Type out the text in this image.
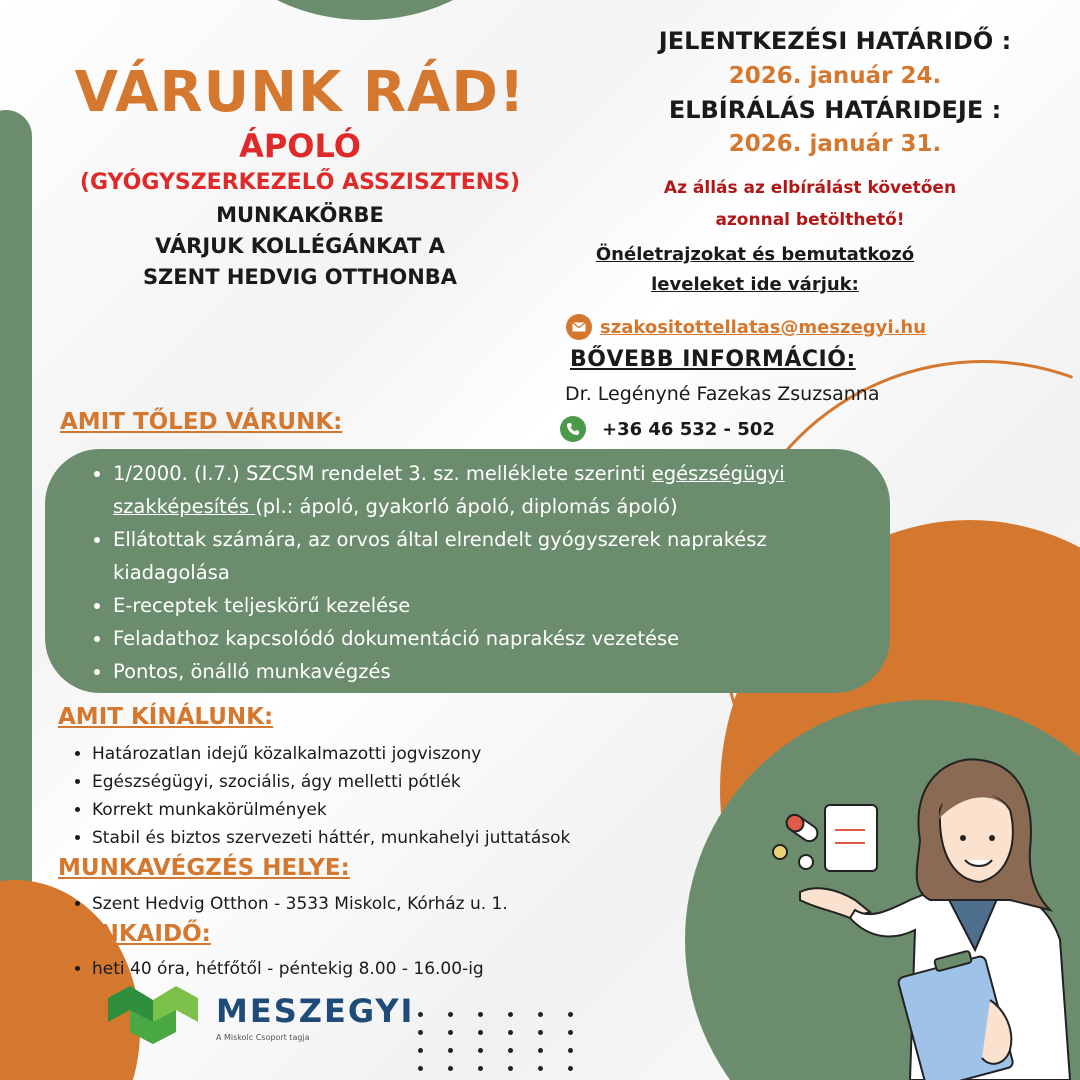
VÁRUNK RÁD!
ÁPOLÓ
(GYÓGYSZERKEZELŐ ASSZISZTENS)
MUNKAKÖRBE
VÁRJUK KOLLÉGÁNKAT A
SZENT HEDVIG OTTHONBA
JELENTKEZÉSI HATÁRIDŐ :
2026. január 24.
ELBÍRÁLÁS HATÁRIDEJE :
2026. január 31.
Az állás az elbírálást követően
azonnal betölthető!
Önéletrajzokat és bemutatkozó
leveleket ide várjuk:
szakositottellatas@meszegyi.hu
BŐVEBB INFORMÁCIÓ:
Dr. Legényné Fazekas Zsuzsanna
+36 46 532 - 502
AMIT TŐLED VÁRUNK:
• 1/2000. (I.7.) SZCSM rendelet 3. sz. melléklete szerinti egészségügyi szakképesítés (pl.: ápoló, gyakorló ápoló, diplomás ápoló)
• Ellátottak számára, az orvos által elrendelt gyógyszerek naprakész kiadagolása
• E-receptek teljeskörű kezelése
• Feladathoz kapcsolódó dokumentáció naprakész vezetése
• Pontos, önálló munkavégzés
AMIT KÍNÁLUNK:
• Határozatlan idejű közalkalmazotti jogviszony
• Egészségügyi, szociális, ágy melletti pótlék
• Korrekt munkakörülmények
• Stabil és biztos szervezeti háttér, munkahelyi juttatások
MUNKAVÉGZÉS HELYE:
• Szent Hedvig Otthon - 3533 Miskolc, Kórház u. 1.
MUNKAIDŐ:
• heti 40 óra, hétfőtől - péntekig 8.00 - 16.00-ig
MESZEGYI
A Miskolc Csoport tagja
